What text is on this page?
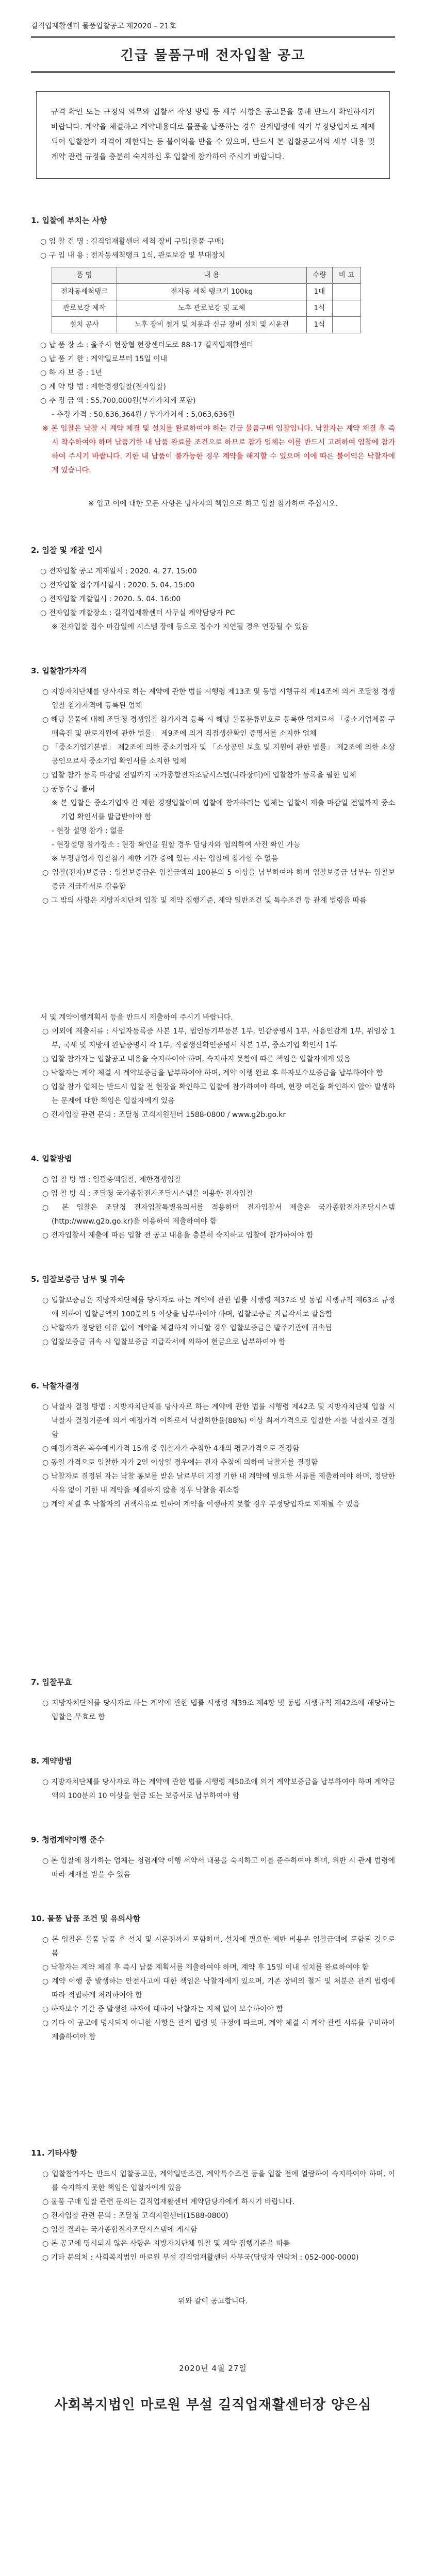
길직업재활센터 물품입찰공고 제2020 – 21호
긴급 물품구매 전자입찰 공고
규격 확인 또는 규정의 의무와 입찰서 작성 방법 등 세부 사항은 공고문을 통해 반드시 확인하시기 바랍니다. 계약을 체결하고 계약내용대로 물품을 납품하는 경우 관계법령에 의거 부정당업자로 제재되어 입찰참가 자격이 제한되는 등 불이익을 받을 수 있으며, 반드시 본 입찰공고서의 세부 내용 및 계약 관련 규정을 충분히 숙지하신 후 입찰에 참가하여 주시기 바랍니다.
1. 입찰에 부치는 사항
○ 입 찰 건 명 : 길직업재활센터 세척 장비 구입(물품 구매)
○ 구 입 내 용 : 전자동세척탱크 1식, 관로보강 및 부대장치
품 명	내 용	수량	비 고
전자동세척탱크	전자동 세척 탱크기 100kg	1대	
관로보강 제작	노후 관로보강 및 교체	1식	
설치 공사	노후 장비 철거 및 처분과 신규 장비 설치 및 시운전	1식	
○ 납 품 장 소 : 울주시 현장협 현장센터도로 88-17 길직업재활센터
○ 납 품 기 한 : 계약일로부터 15일 이내
○ 하 자 보 증 : 1년
○ 계 약 방 법 : 제한경쟁입찰(전자입찰)
○ 추 정 금 액 : 55,700,000원(부가가치세 포함)
- 추정 가격 : 50,636,364원 / 부가가치세 : 5,063,636원
※ 본 입찰은 낙찰 시 계약 체결 및 설치를 완료하여야 하는 긴급 물품구매 입찰입니다. 낙찰자는 계약 체결 후 즉시 착수하여야 하며 납품기한 내 납품 완료를 조건으로 하므로 참가 업체는 이를 반드시 고려하여 입찰에 참가하여 주시기 바랍니다. 기한 내 납품이 불가능한 경우 계약을 해지할 수 있으며 이에 따른 불이익은 낙찰자에게 있습니다.
※ 입고 이에 대한 모든 사항은 당사자의 책임으로 하고 입찰 참가하여 주십시오.
2. 입찰 및 개찰 일시
○ 전자입찰 공고 게재일시 : 2020. 4. 27. 15:00
○ 전자입찰 접수개시일시 : 2020. 5. 04. 15:00
○ 전자입찰 개찰일시 : 2020. 5. 04. 16:00
○ 전자입찰 개찰장소 : 길직업재활센터 사무실 계약담당자 PC
※ 전자입찰 접수 마감일에 시스템 장애 등으로 접수가 지연될 경우 연장될 수 있음
3. 입찰참가자격
○ 지방자치단체를 당사자로 하는 계약에 관한 법률 시행령 제13조 및 동법 시행규칙 제14조에 의거 조달청 경쟁입찰 참가자격에 등록된 업체
○ 해당 물품에 대해 조달청 경쟁입찰 참가자격 등록 시 해당 물품분류번호로 등록한 업체로서 「중소기업제품 구매촉진 및 판로지원에 관한 법률」 제9조에 의거 직접생산확인 증명서를 소지한 업체
○ 「중소기업기본법」 제2조에 의한 중소기업자 및 「소상공인 보호 및 지원에 관한 법률」 제2조에 의한 소상공인으로서 중소기업 확인서를 소지한 업체
○ 입찰 참가 등록 마감일 전일까지 국가종합전자조달시스템(나라장터)에 입찰참가 등록을 필한 업체
○ 공동수급 불허
※ 본 입찰은 중소기업자 간 제한 경쟁입찰이며 입찰에 참가하려는 업체는 입찰서 제출 마감일 전일까지 중소기업 확인서를 발급받아야 함
- 현장 설명 참가 : 없음
- 현장설명 참가장소 : 현장 확인을 원할 경우 담당자와 협의하여 사전 확인 가능
※ 부정당업자 입찰참가 제한 기간 중에 있는 자는 입찰에 참가할 수 없음
○ 입찰(전자)보증금 : 입찰보증금은 입찰금액의 100분의 5 이상을 납부하여야 하며 입찰보증금 납부는 입찰보증금 지급각서로 갈음함
○ 그 밖의 사항은 지방자치단체 입찰 및 계약 집행기준, 계약 일반조건 및 특수조건 등 관계 법령을 따름
서 및 계약이행계획서 등을 반드시 제출하여 주시기 바랍니다.
○ 이외에 제출서류 : 사업자등록증 사본 1부, 법인등기부등본 1부, 인감증명서 1부, 사용인감계 1부, 위임장 1부, 국세 및 지방세 완납증명서 각 1부, 직접생산확인증명서 사본 1부, 중소기업 확인서 1부
○ 입찰 참가자는 입찰공고 내용을 숙지하여야 하며, 숙지하지 못함에 따른 책임은 입찰자에게 있음
○ 낙찰자는 계약 체결 시 계약보증금을 납부하여야 하며, 계약 이행 완료 후 하자보수보증금을 납부하여야 함
○ 입찰 참가 업체는 반드시 입찰 전 현장을 확인하고 입찰에 참가하여야 하며, 현장 여건을 확인하지 않아 발생하는 문제에 대한 책임은 입찰자에게 있음
○ 전자입찰 관련 문의 : 조달청 고객지원센터 1588-0800 / www.g2b.go.kr
4. 입찰방법
○ 입 찰 방 법 : 일괄총액입찰, 제한경쟁입찰
○ 입 찰 방 식 : 조달청 국가종합전자조달시스템을 이용한 전자입찰
○ 본 입찰은 조달청 전자입찰특별유의서를 적용하며 전자입찰서 제출은 국가종합전자조달시스템(http://www.g2b.go.kr)을 이용하여 제출하여야 함
○ 전자입찰서 제출에 따른 입찰 전 공고 내용을 충분히 숙지하고 입찰에 참가하여야 함
5. 입찰보증금 납부 및 귀속
○ 입찰보증금은 지방자치단체를 당사자로 하는 계약에 관한 법률 시행령 제37조 및 동법 시행규칙 제63조 규정에 의하여 입찰금액의 100분의 5 이상을 납부하여야 하며, 입찰보증금 지급각서로 갈음함
○ 낙찰자가 정당한 이유 없이 계약을 체결하지 아니할 경우 입찰보증금은 발주기관에 귀속됨
○ 입찰보증금 귀속 시 입찰보증금 지급각서에 의하여 현금으로 납부하여야 함
6. 낙찰자결정
○ 낙찰자 결정 방법 : 지방자치단체를 당사자로 하는 계약에 관한 법률 시행령 제42조 및 지방자치단체 입찰 시 낙찰자 결정기준에 의거 예정가격 이하로서 낙찰하한율(88%) 이상 최저가격으로 입찰한 자를 낙찰자로 결정함
○ 예정가격은 복수예비가격 15개 중 입찰자가 추첨한 4개의 평균가격으로 결정함
○ 동일 가격으로 입찰한 자가 2인 이상일 경우에는 전자 추첨에 의하여 낙찰자를 결정함
○ 낙찰자로 결정된 자는 낙찰 통보를 받은 날로부터 지정 기한 내 계약에 필요한 서류를 제출하여야 하며, 정당한 사유 없이 기한 내 계약을 체결하지 않을 경우 낙찰을 취소함
○ 계약 체결 후 낙찰자의 귀책사유로 인하여 계약을 이행하지 못할 경우 부정당업자로 제재될 수 있음
7. 입찰무효
○ 지방자치단체를 당사자로 하는 계약에 관한 법률 시행령 제39조 제4항 및 동법 시행규칙 제42조에 해당하는 입찰은 무효로 함
8. 계약방법
○ 지방자치단체를 당사자로 하는 계약에 관한 법률 시행령 제50조에 의거 계약보증금을 납부하여야 하며 계약금액의 100분의 10 이상을 현금 또는 보증서로 납부하여야 함
9. 청렴계약이행 준수
○ 본 입찰에 참가하는 업체는 청렴계약 이행 서약서 내용을 숙지하고 이를 준수하여야 하며, 위반 시 관계 법령에 따라 제재를 받을 수 있음
10. 물품 납품 조건 및 유의사항
○ 본 입찰은 물품 납품 후 설치 및 시운전까지 포함하며, 설치에 필요한 제반 비용은 입찰금액에 포함된 것으로 봄
○ 낙찰자는 계약 체결 후 즉시 납품 계획서를 제출하여야 하며, 계약 후 15일 이내 설치를 완료하여야 함
○ 계약 이행 중 발생하는 안전사고에 대한 책임은 낙찰자에게 있으며, 기존 장비의 철거 및 처분은 관계 법령에 따라 적법하게 처리하여야 함
○ 하자보수 기간 중 발생한 하자에 대하여 낙찰자는 지체 없이 보수하여야 함
○ 기타 이 공고에 명시되지 아니한 사항은 관계 법령 및 규정에 따르며, 계약 체결 시 계약 관련 서류를 구비하여 제출하여야 함
11. 기타사항
○ 입찰참가자는 반드시 입찰공고문, 계약일반조건, 계약특수조건 등을 입찰 전에 열람하여 숙지하여야 하며, 이를 숙지하지 못한 책임은 입찰자에게 있음
○ 물품 구매 입찰 관련 문의는 길직업재활센터 계약담당자에게 하시기 바랍니다.
○ 전자입찰 관련 문의 : 조달청 고객지원센터(1588-0800)
○ 입찰 결과는 국가종합전자조달시스템에 게시함
○ 본 공고에 명시되지 않은 사항은 지방자치단체 입찰 및 계약 집행기준을 따름
○ 기타 문의처 : 사회복지법인 마로원 부설 길직업재활센터 사무국(담당자 연락처 : 052-000-0000)
위와 같이 공고합니다.
2020년 4월 27일
사회복지법인 마로원 부설 길직업재활센터장 양은심
